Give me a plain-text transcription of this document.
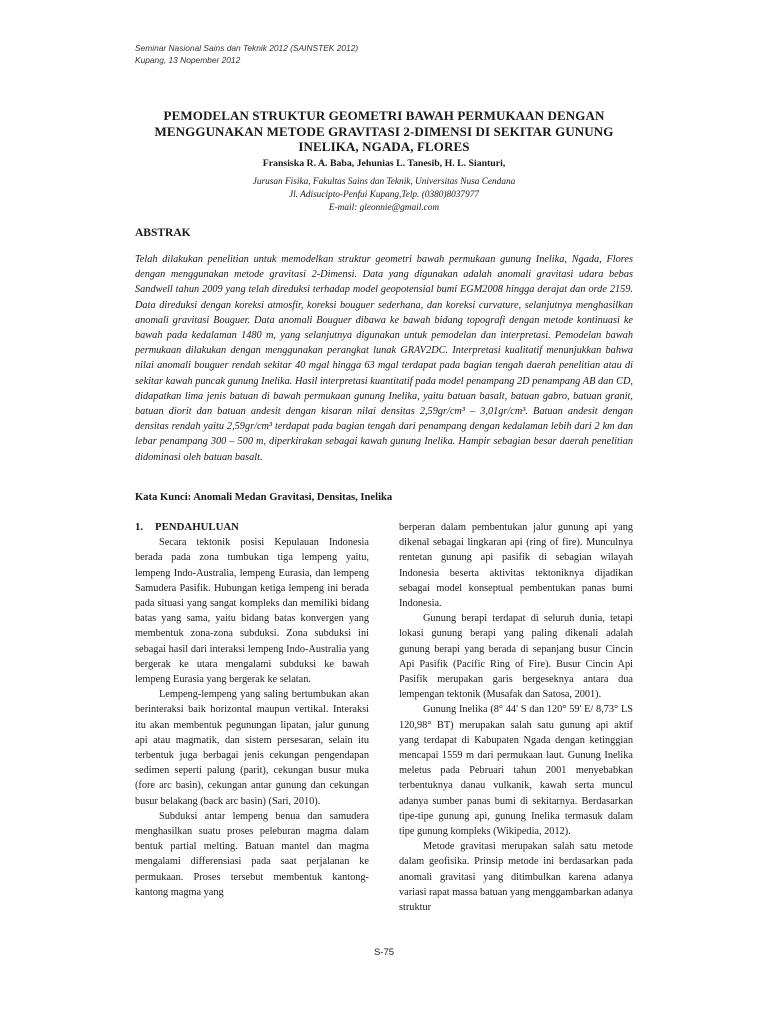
Seminar Nasional Sains dan Teknik 2012 (SAINSTEK 2012)
Kupang, 13 Nopember 2012
PEMODELAN STRUKTUR GEOMETRI BAWAH PERMUKAAN DENGAN MENGGUNAKAN METODE GRAVITASI 2-DIMENSI DI SEKITAR GUNUNG INELIKA, NGADA, FLORES
Fransiska R. A. Baba, Jehunias L. Tanesib, H. L. Sianturi,
Jurusan Fisika, Fakultas Sains dan Teknik, Universitas Nusa Cendana
Jl. Adisucipto-Penfui Kupang,Telp. (0380)8037977
E-mail: gleonnie@gmail.com
ABSTRAK

Telah dilakukan penelitian untuk memodelkan struktur geometri bawah permukaan gunung Inelika, Ngada, Flores dengan menggunakan metode gravitasi 2-Dimensi. Data yang digunakan adalah anomali gravitasi udara bebas Sandwell tahun 2009 yang telah direduksi terhadap model geopotensial bumi EGM2008 hingga derajat dan orde 2159. Data direduksi dengan koreksi atmosfir, koreksi bouguer sederhana, dan koreksi curvature, selanjutnya menghasilkan anomali gravitasi Bouguer. Data anomali Bouguer dibawa ke bawah bidang topografi dengan metode kontinuasi ke bawah pada kedalaman 1480 m, yang selanjutnya digunakan untuk pemodelan dan interpretasi. Pemodelan bawah permukaan dilakukan dengan menggunakan perangkat lunak GRAV2DC. Interpretasi kualitatif menunjukkan bahwa nilai anomali bouguer rendah sekitar 40 mgal hingga 63 mgal terdapat pada bagian tengah daerah penelitian atau di sekitar kawah puncak gunung Inelika. Hasil interpretasi kuantitatif pada model penampang 2D penampang AB dan CD, didapatkan lima jenis batuan di bawah permukaan gunung Inelika, yaitu batuan basalt, batuan gabro, batuan granit, batuan diorit dan batuan andesit dengan kisaran nilai densitas 2,59gr/cm³ – 3,01gr/cm³. Batuan andesit dengan densitas rendah yaitu 2,59gr/cm³ terdapat pada bagian tengah dari penampang dengan kedalaman lebih dari 2 km dan lebar penampang 300 – 500 m, diperkirakan sebagai kawah gunung Inelika. Hampir sebagian besar daerah penelitian didominasi oleh batuan basalt.

Kata Kunci: Anomali Medan Gravitasi, Densitas, Inelika

1. PENDAHULUAN

Secara tektonik posisi Kepulauan Indonesia berada pada zona tumbukan tiga lempeng yaitu, lempeng Indo-Australia, lempeng Eurasia, dan lempeng Samudera Pasifik. Hubungan ketiga lempeng ini berada pada situasi yang sangat kompleks dan memiliki bidang batas yang sama, yaitu bidang batas konvergen yang membentuk zona-zona subduksi. Zona subduksi ini sebagai hasil dari interaksi lempeng Indo-Australia yang bergerak ke utara mengalami subduksi ke bawah lempeng Eurasia yang bergerak ke selatan.

Lempeng-lempeng yang saling bertumbukan akan berinteraksi baik horizontal maupun vertikal. Interaksi itu akan membentuk pegunungan lipatan, jalur gunung api atau magmatik, dan sistem persesaran, selain itu terbentuk juga berbagai jenis cekungan pengendapan sedimen seperti palung (parit), cekungan busur muka (fore arc basin), cekungan antar gunung dan cekungan busur belakang (back arc basin) (Sari, 2010).

Subduksi antar lempeng benua dan samudera menghasilkan suatu proses peleburan magma dalam bentuk partial melting. Batuan mantel dan magma mengalami differensiasi pada saat perjalanan ke permukaan. Proses tersebut membentuk kantong-kantong magma yang

berperan dalam pembentukan jalur gunung api yang dikenal sebagai lingkaran api (ring of fire). Munculnya rentetan gunung api pasifik di sebagian wilayah Indonesia beserta aktivitas tektoniknya dijadikan sebagai model konseptual pembentukan panas bumi Indonesia.

Gunung berapi terdapat di seluruh dunia, tetapi lokasi gunung berapi yang paling dikenali adalah gunung berapi yang berada di sepanjang busur Cincin Api Pasifik (Pacific Ring of Fire). Busur Cincin Api Pasifik merupakan garis bergeseknya antara dua lempengan tektonik (Musafak dan Satosa, 2001).

Gunung Inelika (8° 44' S dan 120° 59' E/ 8,73° LS 120,98° BT) merupakan salah satu gunung api aktif yang terdapat di Kabupaten Ngada dengan ketinggian mencapai 1559 m dari permukaan laut. Gunung Inelika meletus pada Pebruari tahun 2001 menyebabkan terbentuknya danau vulkanik, kawah serta muncul adanya sumber panas bumi di sekitarnya. Berdasarkan tipe-tipe gunung api, gunung Inelika termasuk dalam tipe gunung kompleks (Wikipedia, 2012).

Metode gravitasi merupakan salah satu metode dalam geofisika. Prinsip metode ini berdasarkan pada anomali gravitasi yang ditimbulkan karena adanya variasi rapat massa batuan yang menggambarkan adanya struktur

S-75
